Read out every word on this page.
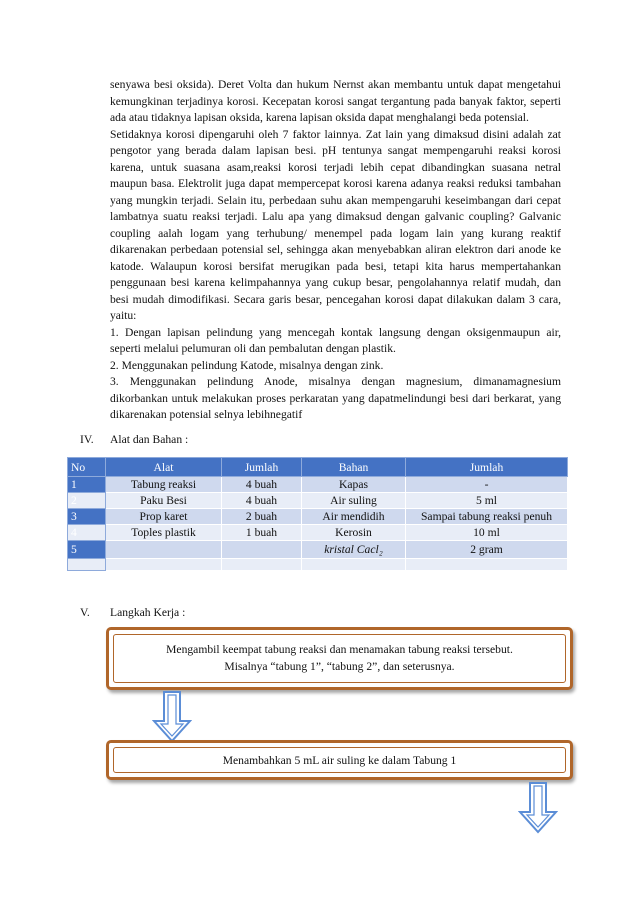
senyawa besi oksida). Deret Volta dan hukum Nernst akan membantu untuk dapat mengetahui kemungkinan terjadinya korosi. Kecepatan korosi sangat tergantung pada banyak faktor, seperti ada atau tidaknya lapisan oksida, karena lapisan oksida dapat menghalangi beda potensial.

Setidaknya korosi dipengaruhi oleh 7 faktor lainnya. Zat lain yang dimaksud disini adalah zat pengotor yang berada dalam lapisan besi. pH tentunya sangat mempengaruhi reaksi korosi karena, untuk suasana asam,reaksi korosi terjadi lebih cepat dibandingkan suasana netral maupun basa. Elektrolit juga dapat mempercepat korosi karena adanya reaksi reduksi tambahan yang mungkin terjadi. Selain itu, perbedaan suhu akan mempengaruhi keseimbangan dari cepat lambatnya suatu reaksi terjadi. Lalu apa yang dimaksud dengan galvanic coupling? Galvanic coupling aalah logam yang terhubung/ menempel pada logam lain yang kurang reaktif dikarenakan perbedaan potensial sel, sehingga akan menyebabkan aliran elektron dari anode ke katode. Walaupun korosi bersifat merugikan pada besi, tetapi kita harus mempertahankan penggunaan besi karena kelimpahannya yang cukup besar, pengolahannya relatif mudah, dan besi mudah dimodifikasi. Secara garis besar, pencegahan korosi dapat dilakukan dalam 3 cara, yaitu:

1. Dengan lapisan pelindung yang mencegah kontak langsung dengan oksigenmaupun air, seperti melalui pelumuran oli dan pembalutan dengan plastik.

2. Menggunakan pelindung Katode, misalnya dengan zink.

3. Menggunakan pelindung Anode, misalnya dengan magnesium, dimanamagnesium dikorbankan untuk melakukan proses perkaratan yang dapatmelindungi besi dari berkarat, yang dikarenakan potensial selnya lebihnegatif

IV. Alat dan Bahan :
No	Alat	Jumlah	Bahan	Jumlah
1	Tabung reaksi	4 buah	Kapas	-
2	Paku Besi	4 buah	Air suling	5 ml
3	Prop karet	2 buah	Air mendidih	Sampai tabung reaksi penuh
4	Toples plastik	1 buah	Kerosin	10 ml
5			kristal Cacl₂	2 gram

V. Langkah Kerja :
Mengambil keempat tabung reaksi dan menamakan tabung reaksi tersebut.
Misalnya “tabung 1”, “tabung 2”, dan seterusnya.
Menambahkan 5 mL air suling ke dalam Tabung 1
